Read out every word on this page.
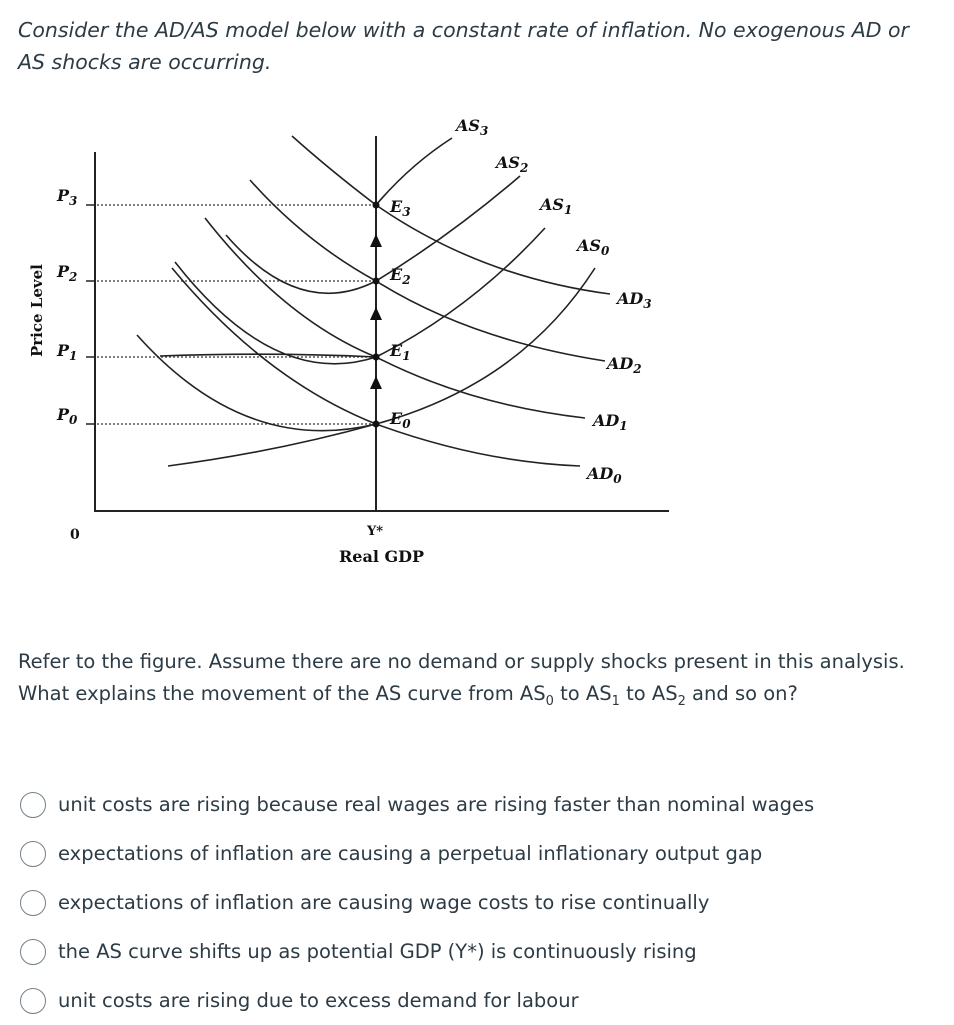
Consider the AD/AS model below with a constant rate of inflation. No exogenous AD or AS shocks are occurring.
$P_3$
$P_2$
$P_1$
$P_0$
$E_3$
$E_2$
$E_1$
$E_0$
$AS_3$
$AS_2$
$AS_1$
$AS_0$
$AD_3$
$AD_2$
$AD_1$
$AD_0$
0	Y*
Real GDP
Price Level
Refer to the figure. Assume there are no demand or supply shocks present in this analysis. What explains the movement of the AS curve from $AS_0$ to $AS_1$ to $AS_2$ and so on?
unit costs are rising because real wages are rising faster than nominal wages
expectations of inflation are causing a perpetual inflationary output gap
expectations of inflation are causing wage costs to rise continually
the AS curve shifts up as potential GDP (Y*) is continuously rising
unit costs are rising due to excess demand for labour
